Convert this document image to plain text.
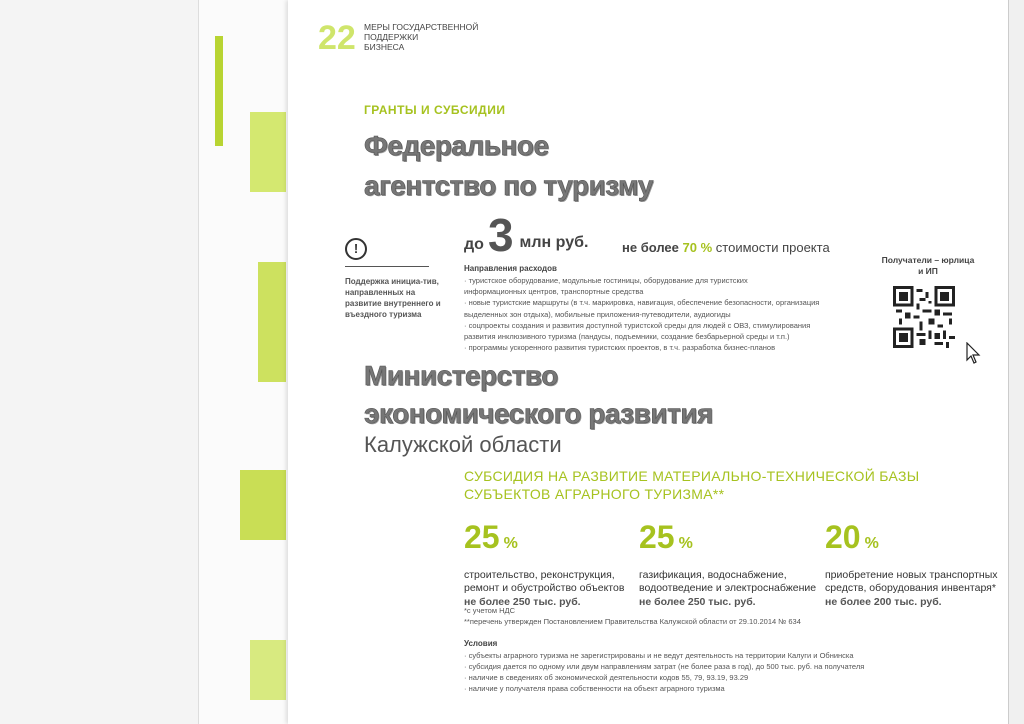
22 МЕРЫ ГОСУДАРСТВЕННОЙ
ПОДДЕРЖКИ
БИЗНЕСА
ГРАНТЫ И СУБСИДИИ
Федеральное
агентство по туризму
!
Поддержка инициа-тив, направленных на развитие внутреннего и въездного туризма
до 3 млн руб.	не более 70 % стоимости проекта
Направления расходов
· туристское оборудование, модульные гостиницы, оборудование для туристских
информационных центров, транспортные средства
· новые туристские маршруты (в т.ч. маркировка, навигация, обеспечение безопасности, организация
выделенных зон отдыха), мобильные приложения-путеводители, аудиогиды
· соцпроекты создания и развития доступной туристской среды для людей с ОВЗ, стимулирования
развития инклюзивного туризма (пандусы, подъемники, создание безбарьерной среды и т.п.)
· программы ускоренного развития туристских проектов, в т.ч. разработка бизнес-планов
Получатели – юрлица и ИП
Министерство
экономического развития
Калужской области
СУБСИДИЯ НА РАЗВИТИЕ МАТЕРИАЛЬНО-ТЕХНИЧЕСКОЙ БАЗЫ СУБЪЕКТОВ АГРАРНОГО ТУРИЗМА**
25 %
строительство, реконструкция, ремонт и обустройство объектов
не более 250 тыс. руб.
25 %
газификация, водоснабжение, водоотведение и электроснабжение
не более 250 тыс. руб.
20 %
приобретение новых транспортных средств, оборудования инвентаря*
не более 200 тыс. руб.
*с учетом НДС
**перечень утвержден Постановлением Правительства Калужской области от 29.10.2014 № 634
Условия
· субъекты аграрного туризма не зарегистрированы и не ведут деятельность на территории Калуги и Обнинска
· субсидия дается по одному или двум направлениям затрат (не более раза в год), до 500 тыс. руб. на получателя
· наличие в сведениях об экономической деятельности кодов 55, 79, 93.19, 93.29
· наличие у получателя права собственности на объект аграрного туризма
